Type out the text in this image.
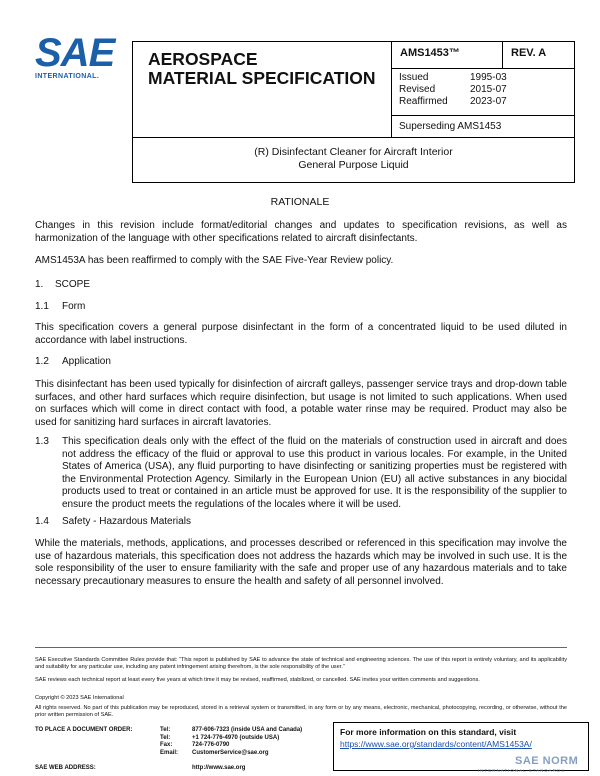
SAE
INTERNATIONAL.
AEROSPACE
MATERIAL SPECIFICATION
AMS1453™	REV. A
Issued	1995-03
Revised	2015-07
Reaffirmed 2023-07
Superseding AMS1453
(R) Disinfectant Cleaner for Aircraft Interior
General Purpose Liquid
RATIONALE
Changes in this revision include format/editorial changes and updates to specification revisions, as well as harmonization of the language with other specifications related to aircraft disinfectants.
AMS1453A has been reaffirmed to comply with the SAE Five-Year Review policy.
1. SCOPE
1.1 Form
This specification covers a general purpose disinfectant in the form of a concentrated liquid to be used diluted in accordance with label instructions.
1.2 Application
This disinfectant has been used typically for disinfection of aircraft galleys, passenger service trays and drop-down table surfaces, and other hard surfaces which require disinfection, but usage is not limited to such applications. When used on surfaces which will come in direct contact with food, a potable water rinse may be required. Product may also be used for sanitizing hard surfaces in aircraft lavatories.
1.3 This specification deals only with the effect of the fluid on the materials of construction used in aircraft and does not address the efficacy of the fluid or approval to use this product in various locales. For example, in the United States of America (USA), any fluid purporting to have disinfecting or sanitizing properties must be registered with the Environmental Protection Agency. Similarly in the European Union (EU) all active substances in any biocidal products used to treat or contained in an article must be approved for use. It is the responsibility of the supplier to ensure the product meets the regulations of the locales where it will be used.
1.4 Safety - Hazardous Materials
While the materials, methods, applications, and processes described or referenced in this specification may involve the use of hazardous materials, this specification does not address the hazards which may be involved in such use. It is the sole responsibility of the user to ensure familiarity with the safe and proper use of any hazardous materials and to take necessary precautionary measures to ensure the health and safety of all personnel involved.
SAE Executive Standards Committee Rules provide that: “This report is published by SAE to advance the state of technical and engineering sciences. The use of this report is entirely voluntary, and its applicability and suitability for any particular use, including any patent infringement arising therefrom, is the sole responsibility of the user.”
SAE reviews each technical report at least every five years at which time it may be revised, reaffirmed, stabilized, or cancelled. SAE invites your written comments and suggestions.
Copyright © 2023 SAE International
All rights reserved. No part of this publication may be reproduced, stored in a retrieval system or transmitted, in any form or by any means, electronic, mechanical, photocopying, recording, or otherwise, without the prior written permission of SAE.
TO PLACE A DOCUMENT ORDER:	Tel:	877-606-7323 (inside USA and Canada)
Tel:	+1 724-776-4970 (outside USA)
Fax:	724-776-0790
Email:	CustomerService@sae.org
SAE WEB ADDRESS:	http://www.sae.org
For more information on this standard, visit
https://www.sae.org/standards/content/AMS1453A/
SAE NORM
INTERNATIONAL STANDARDS
